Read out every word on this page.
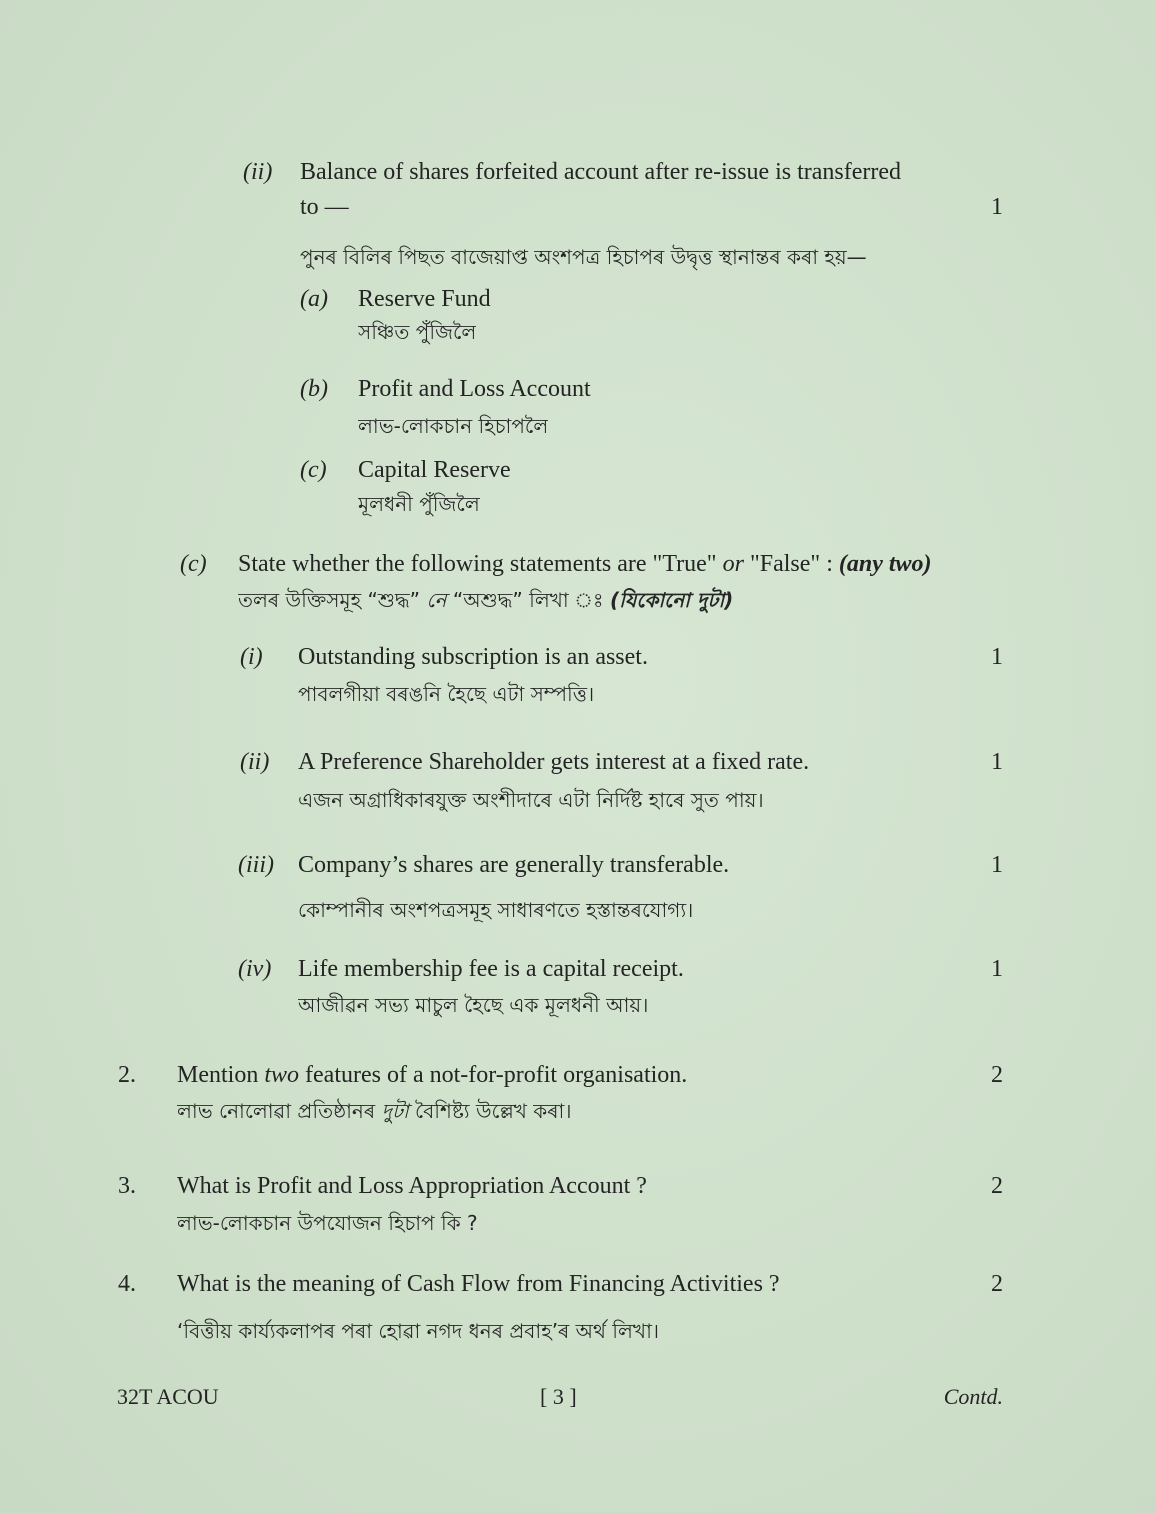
(ii) Balance of shares forfeited account after re-issue is transferred
to —	1
পুনৰ বিলিৰ পিছত বাজেয়াপ্ত অংশপত্ৰ হিচাপৰ উদ্বৃত্ত স্থানান্তৰ কৰা হয়—
(a) Reserve Fund
সঞ্চিত পুঁজিলৈ
(b) Profit and Loss Account
লাভ-লোকচান হিচাপলৈ
(c) Capital Reserve
মূলধনী পুঁজিলৈ
(c) State whether the following statements are "True" or "False" : (any two)
তলৰ উক্তিসমূহ “শুদ্ধ” নে “অশুদ্ধ” লিখা ঃ (যিকোনো দুটা)
(i) Outstanding subscription is an asset.	1
পাবলগীয়া বৰঙনি হৈছে এটা সম্পত্তি।
(ii) A Preference Shareholder gets interest at a fixed rate.	1
এজন অগ্ৰাধিকাৰযুক্ত অংশীদাৰে এটা নিৰ্দিষ্ট হাৰে সুত পায়।
(iii) Company’s shares are generally transferable.	1
কোম্পানীৰ অংশপত্ৰসমূহ সাধাৰণতে হস্তান্তৰযোগ্য।
(iv) Life membership fee is a capital receipt.	1
আজীৱন সভ্য মাচুল হৈছে এক মূলধনী আয়।
2. Mention two features of a not-for-profit organisation.	2
লাভ নোলোৱা প্ৰতিষ্ঠানৰ দুটা বৈশিষ্ট্য উল্লেখ কৰা।
3. What is Profit and Loss Appropriation Account ?	2
লাভ-লোকচান উপযোজন হিচাপ কি ?
4. What is the meaning of Cash Flow from Financing Activities ?	2
‘বিত্তীয় কাৰ্য্যকলাপৰ পৰা হোৱা নগদ ধনৰ প্ৰবাহ’ৰ অৰ্থ লিখা।
32T ACOU	[ 3 ]	Contd.
